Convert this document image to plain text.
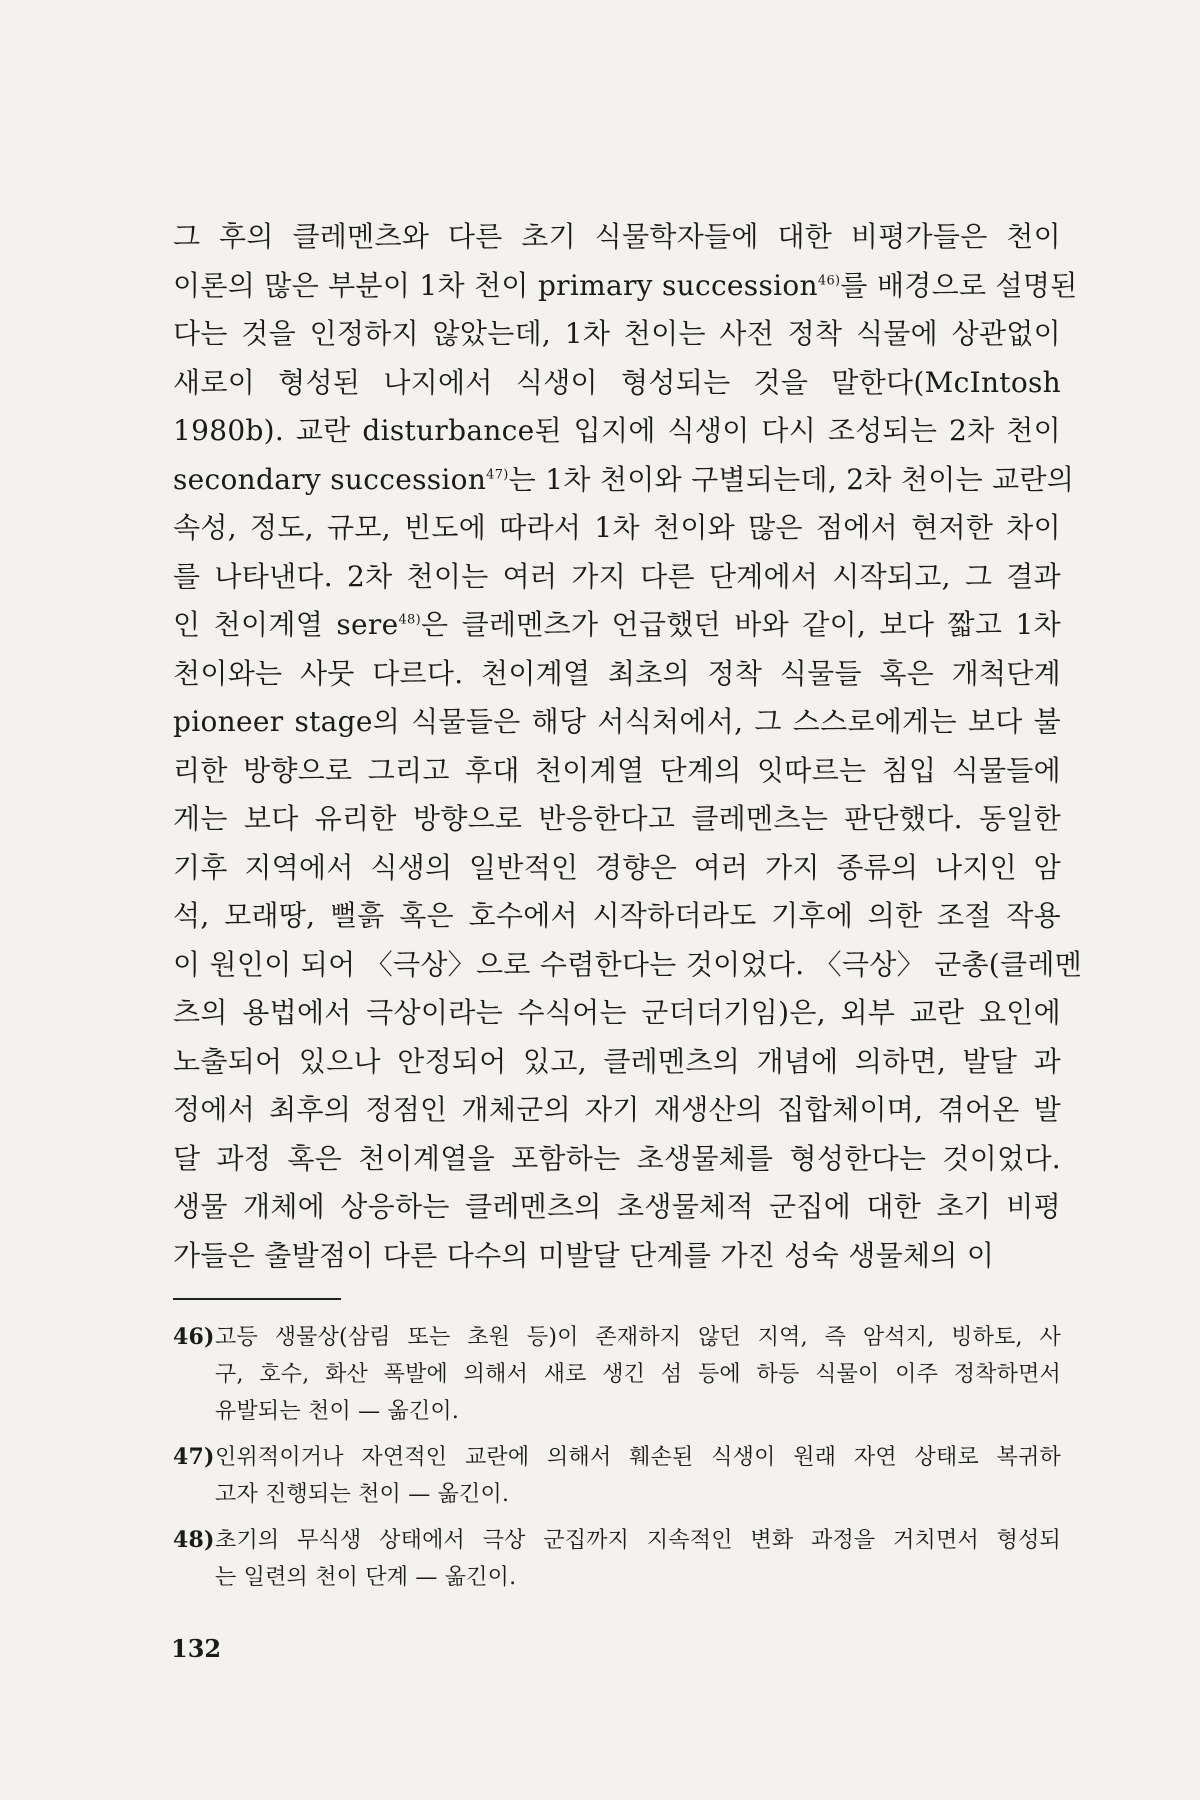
그 후의 클레멘츠와 다른 초기 식물학자들에 대한 비평가들은 천이
이론의 많은 부분이 1차 천이 primary succession$^{46)}$를 배경으로 설명된
다는 것을 인정하지 않았는데, 1차 천이는 사전 정착 식물에 상관없이
새로이 형성된 나지에서 식생이 형성되는 것을 말한다(McIntosh
1980b). 교란 disturbance된 입지에 식생이 다시 조성되는 2차 천이
secondary succession$^{47)}$는 1차 천이와 구별되는데, 2차 천이는 교란의
속성, 정도, 규모, 빈도에 따라서 1차 천이와 많은 점에서 현저한 차이
를 나타낸다. 2차 천이는 여러 가지 다른 단계에서 시작되고, 그 결과
인 천이계열 sere$^{48)}$은 클레멘츠가 언급했던 바와 같이, 보다 짧고 1차
천이와는 사뭇 다르다. 천이계열 최초의 정착 식물들 혹은 개척단계
pioneer stage의 식물들은 해당 서식처에서, 그 스스로에게는 보다 불
리한 방향으로 그리고 후대 천이계열 단계의 잇따르는 침입 식물들에
게는 보다 유리한 방향으로 반응한다고 클레멘츠는 판단했다. 동일한
기후 지역에서 식생의 일반적인 경향은 여러 가지 종류의 나지인 암
석, 모래땅, 뻘흙 혹은 호수에서 시작하더라도 기후에 의한 조절 작용
이 원인이 되어 〈극상〉으로 수렴한다는 것이었다. 〈극상〉 군총(클레멘
츠의 용법에서 극상이라는 수식어는 군더더기임)은, 외부 교란 요인에
노출되어 있으나 안정되어 있고, 클레멘츠의 개념에 의하면, 발달 과
정에서 최후의 정점인 개체군의 자기 재생산의 집합체이며, 겪어온 발
달 과정 혹은 천이계열을 포함하는 초생물체를 형성한다는 것이었다.
생물 개체에 상응하는 클레멘츠의 초생물체적 군집에 대한 초기 비평
가들은 출발점이 다른 다수의 미발달 단계를 가진 성숙 생물체의 이
46) 고등 생물상(삼림 또는 초원 등)이 존재하지 않던 지역, 즉 암석지, 빙하토, 사
구, 호수, 화산 폭발에 의해서 새로 생긴 섬 등에 하등 식물이 이주 정착하면서
유발되는 천이 — 옮긴이.
47) 인위적이거나 자연적인 교란에 의해서 훼손된 식생이 원래 자연 상태로 복귀하
고자 진행되는 천이 — 옮긴이.
48) 초기의 무식생 상태에서 극상 군집까지 지속적인 변화 과정을 거치면서 형성되
는 일련의 천이 단계 — 옮긴이.
132
